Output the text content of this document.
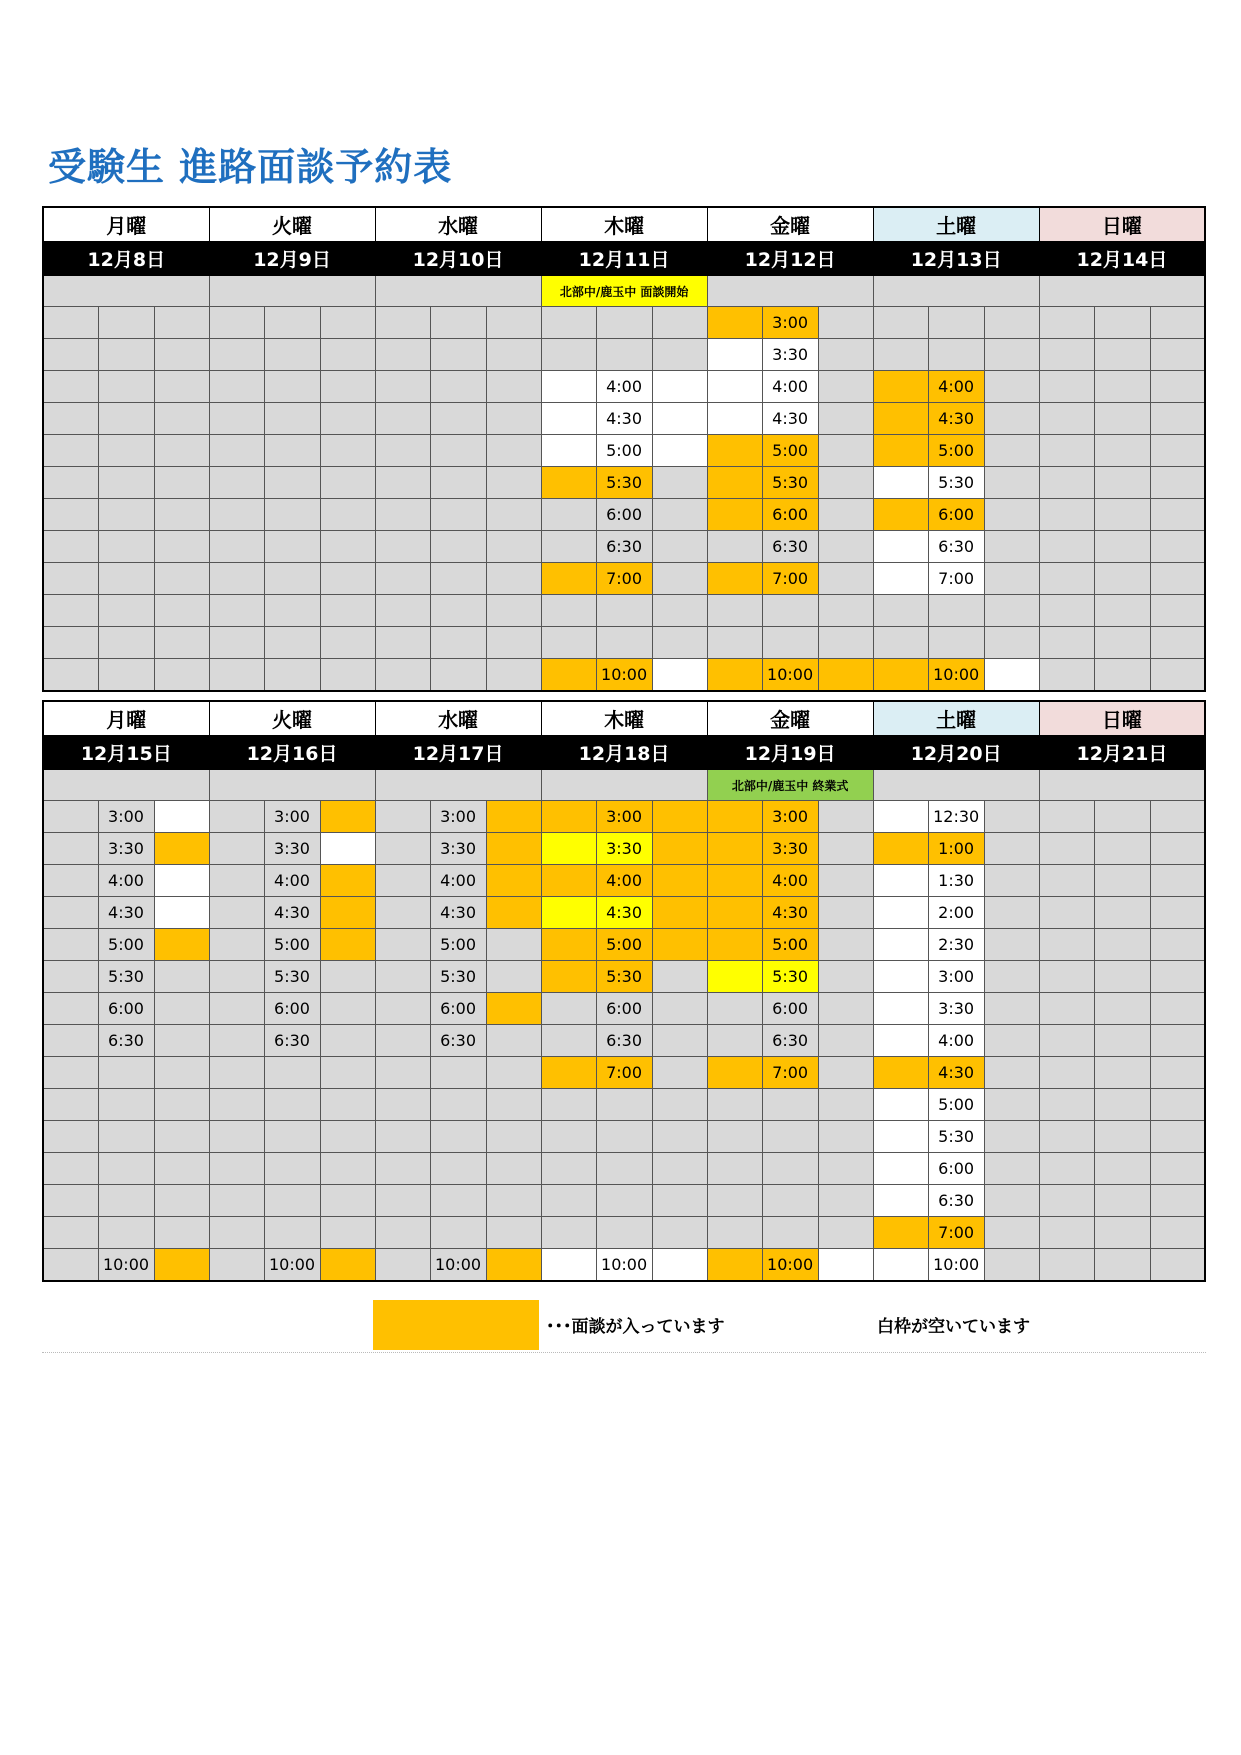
受験生 進路面談予約表
月曜			火曜			水曜			木曜			金曜			土曜			日曜		
12月8日			12月9日			12月10日			12月11日			12月12日			12月13日			12月14日		
									北部中/鹿玉中 面談開始											
													3:00							
													3:30							
										4:00			4:00			4:00				
										4:30			4:30			4:30				
										5:00			5:00			5:00				
										5:30			5:30			5:30				
										6:00			6:00			6:00				
										6:30			6:30			6:30				
										7:00			7:00			7:00				

										10:00			10:00			10:00				
月曜			火曜			水曜			木曜			金曜			土曜			日曜		
12月15日			12月16日			12月17日			12月18日			12月19日			12月20日			12月21日		
												北部中/鹿玉中 終業式								
	3:00			3:00			3:00			3:00			3:00			12:30				
	3:30			3:30			3:30			3:30			3:30			1:00				
	4:00			4:00			4:00			4:00			4:00			1:30				
	4:30			4:30			4:30			4:30			4:30			2:00				
	5:00			5:00			5:00			5:00			5:00			2:30				
	5:30			5:30			5:30			5:30			5:30			3:00				
	6:00			6:00			6:00			6:00			6:00			3:30				
	6:30			6:30			6:30			6:30			6:30			4:00				
										7:00			7:00			4:30				
																5:00				
																5:30				
																6:00				
																6:30				
																7:00				
	10:00			10:00			10:00			10:00			10:00			10:00				
･･･面談が入っています	白枠が空いています
